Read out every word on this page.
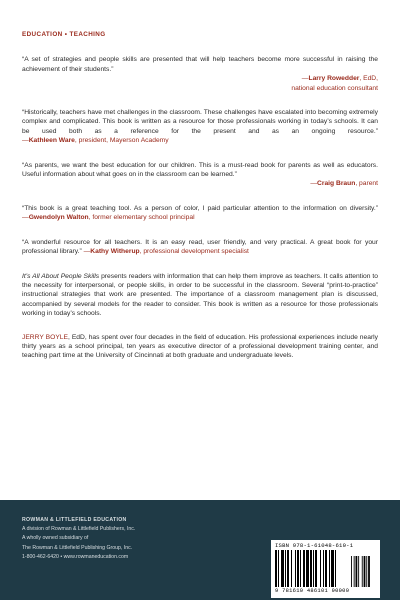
EDUCATION • TEACHING

“A set of strategies and people skills are presented that will help teachers become more successful in raising the achievement of their students.”
—Larry Rowedder, EdD,
national education consultant

“Historically, teachers have met challenges in the classroom. These challenges have escalated into becoming extremely complex and complicated. This book is written as a resource for those professionals working in today’s schools. It can be used both as a reference for the present and as an ongoing resource.” —Kathleen Ware, president, Mayerson Academy

“As parents, we want the best education for our children. This is a must-read book for parents as well as educators. Useful information about what goes on in the classroom can be learned.”
—Craig Braun, parent

“This book is a great teaching tool. As a person of color, I paid particular attention to the information on diversity.” —Gwendolyn Walton, former elementary school principal

“A wonderful resource for all teachers. It is an easy read, user friendly, and very practical. A great book for your professional library.” —Kathy Witherup, professional development specialist

It’s All About People Skills presents readers with information that can help them improve as teachers. It calls attention to the necessity for interpersonal, or people skills, in order to be successful in the classroom. Several “print-to-practice” instructional strategies that work are presented. The importance of a classroom management plan is discussed, accompanied by several models for the reader to consider. This book is written as a resource for those professionals working in today’s schools.

JERRY BOYLE, EdD, has spent over four decades in the field of education. His professional experiences include nearly thirty years as a school principal, ten years as executive director of a professional development training center, and teaching part time at the University of Cincinnati at both graduate and undergraduate levels.

ROWMAN & LITTLEFIELD EDUCATION
A division of Rowman & Littlefield Publishers, Inc.
A wholly owned subsidiary of
The Rowman & Littlefield Publishing Group, Inc.
1-800-462-6420 • www.rowmaneducation.com
ISBN 978-1-61048-610-1
9 781610 486101 90000
